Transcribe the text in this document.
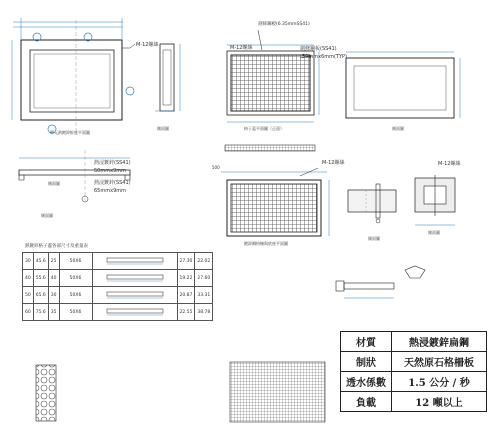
M-12螺絲
單元熱鍍鋅框座平面圖
側面圖
劍條鋼板(6.35mmSS41)
M-12螺絲	劍條鋼板(SS41)
50mmx6mm(TYP)
格子蓋平面圖（正面）	側面圖
熱浸鍍鋅(SS41)
50mmx9mm
熱浸鍍鋅(SS41)
65mmx9mm
側面圖
側面圖
500
M-12螺絲
鍍鋅鋼格柵與底座平面圖
側面圖
M-12螺絲
側面圖
熱鍍鋅格子蓋各部尺寸及重量表
30	45.6	25	50X6		27.30	22.02
40	55.6	40	50X6		19.22	27.60
50	65.6	30	50X6		20.87	33.31
60	75.6	35	50X6		22.55	38.78
材質	熱浸鍍鋅扁鋼
制狀	天然原石格柵板
透水係數	1.5 公分 / 秒
負載	12 噸以上
